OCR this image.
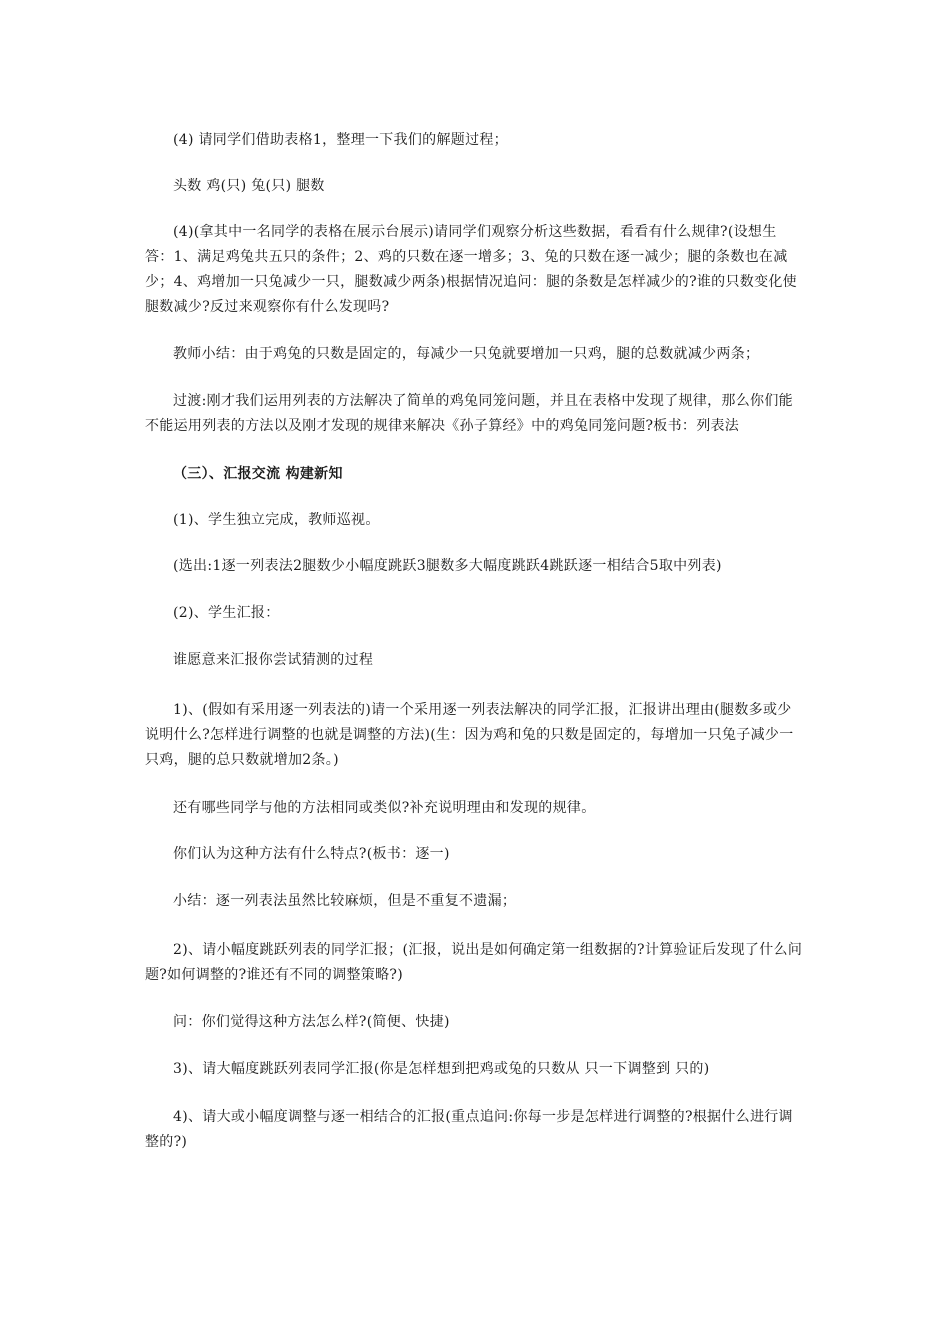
(4) 请同学们借助表格1，整理一下我们的解题过程；
头数 鸡(只) 兔(只) 腿数
(4)(拿其中一名同学的表格在展示台展示)请同学们观察分析这些数据，看看有什么规律?(设想生答：1、满足鸡兔共五只的条件；2、鸡的只数在逐一增多；3、兔的只数在逐一减少；腿的条数也在减少；4、鸡增加一只兔减少一只，腿数减少两条)根据情况追问：腿的条数是怎样减少的?谁的只数变化使腿数减少?反过来观察你有什么发现吗?
教师小结：由于鸡兔的只数是固定的，每减少一只兔就要增加一只鸡，腿的总数就减少两条；
过渡:刚才我们运用列表的方法解决了简单的鸡兔同笼问题，并且在表格中发现了规律，那么你们能不能运用列表的方法以及刚才发现的规律来解决《孙子算经》中的鸡兔同笼问题?板书：列表法
（三）、汇报交流 构建新知
(1)、学生独立完成，教师巡视。
(选出:1逐一列表法2腿数少小幅度跳跃3腿数多大幅度跳跃4跳跃逐一相结合5取中列表)
(2)、学生汇报：
谁愿意来汇报你尝试猜测的过程
1)、(假如有采用逐一列表法的)请一个采用逐一列表法解决的同学汇报，汇报讲出理由(腿数多或少说明什么?怎样进行调整的也就是调整的方法)(生：因为鸡和兔的只数是固定的，每增加一只兔子减少一只鸡，腿的总只数就增加2条。)
还有哪些同学与他的方法相同或类似?补充说明理由和发现的规律。
你们认为这种方法有什么特点?(板书：逐一)
小结：逐一列表法虽然比较麻烦，但是不重复不遗漏；
2)、请小幅度跳跃列表的同学汇报；(汇报，说出是如何确定第一组数据的?计算验证后发现了什么问题?如何调整的?谁还有不同的调整策略?)
问：你们觉得这种方法怎么样?(简便、快捷)
3)、请大幅度跳跃列表同学汇报(你是怎样想到把鸡或兔的只数从 只一下调整到 只的)
4)、请大或小幅度调整与逐一相结合的汇报(重点追问:你每一步是怎样进行调整的?根据什么进行调整的?)
